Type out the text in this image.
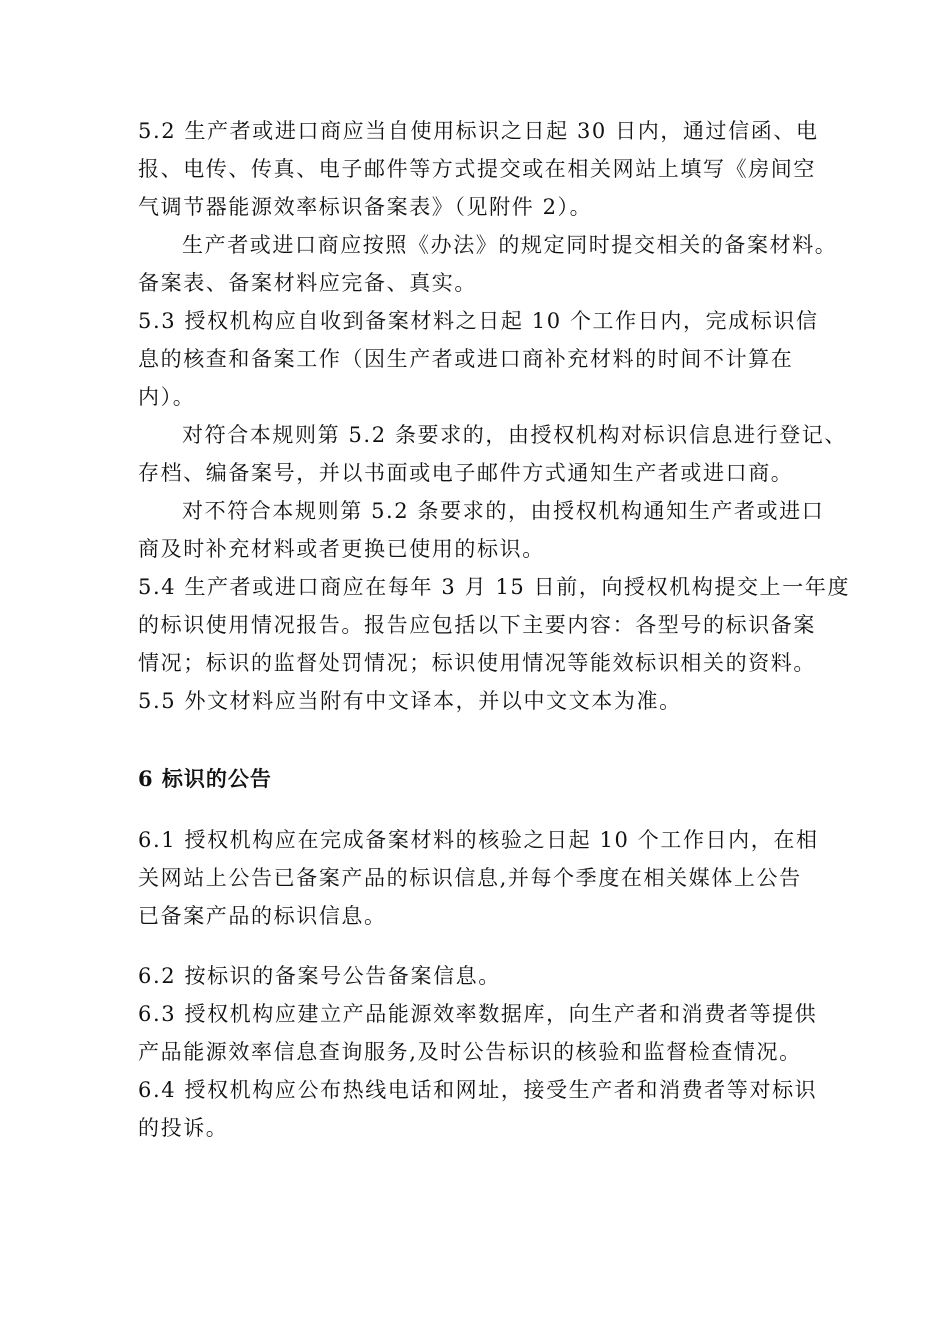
5.2 生产者或进口商应当自使用标识之日起 30 日内，通过信函、电
报、电传、传真、电子邮件等方式提交或在相关网站上填写《房间空
气调节器能源效率标识备案表》（见附件 2）。
生产者或进口商应按照《办法》的规定同时提交相关的备案材料。
备案表、备案材料应完备、真实。
5.3 授权机构应自收到备案材料之日起 10 个工作日内，完成标识信
息的核查和备案工作（因生产者或进口商补充材料的时间不计算在
内）。
对符合本规则第 5.2 条要求的，由授权机构对标识信息进行登记、
存档、编备案号，并以书面或电子邮件方式通知生产者或进口商。
对不符合本规则第 5.2 条要求的，由授权机构通知生产者或进口
商及时补充材料或者更换已使用的标识。
5.4 生产者或进口商应在每年 3 月 15 日前，向授权机构提交上一年度
的标识使用情况报告。报告应包括以下主要内容：各型号的标识备案
情况；标识的监督处罚情况；标识使用情况等能效标识相关的资料。
5.5 外文材料应当附有中文译本，并以中文文本为准。
6 标识的公告
6.1 授权机构应在完成备案材料的核验之日起 10 个工作日内，在相
关网站上公告已备案产品的标识信息,并每个季度在相关媒体上公告
已备案产品的标识信息。
6.2 按标识的备案号公告备案信息。
6.3 授权机构应建立产品能源效率数据库，向生产者和消费者等提供
产品能源效率信息查询服务,及时公告标识的核验和监督检查情况。
6.4 授权机构应公布热线电话和网址，接受生产者和消费者等对标识
的投诉。
